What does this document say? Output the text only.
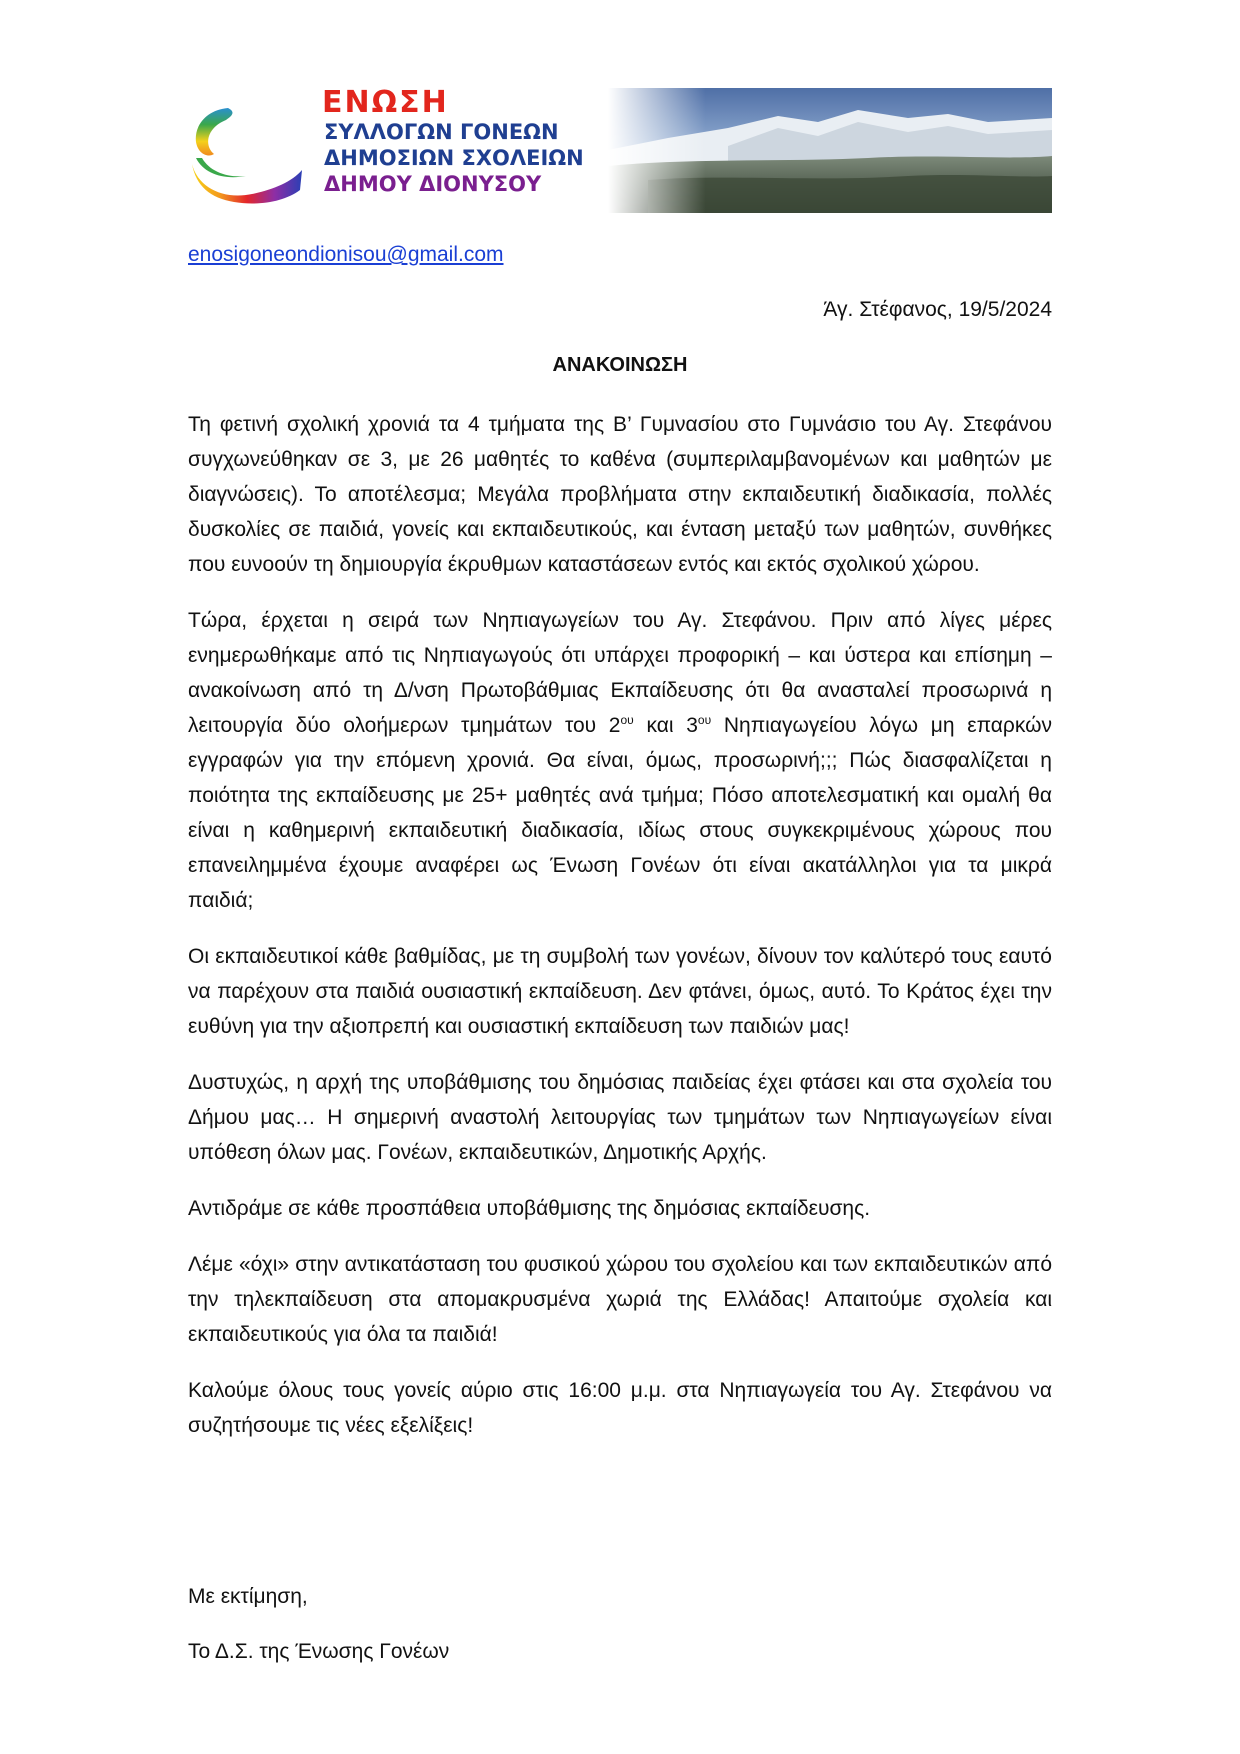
ΕΝΩΣΗ
ΣΥΛΛΟΓΩΝ ΓΟΝΕΩΝ
ΔΗΜΟΣΙΩΝ ΣΧΟΛΕΙΩΝ
ΔΗΜΟΥ ΔΙΟΝΥΣΟΥ
enosigoneondionisou@gmail.com
Άγ. Στέφανος, 19/5/2024
ΑΝΑΚΟΙΝΩΣΗ

Τη φετινή σχολική χρονιά τα 4 τμήματα της Β’ Γυμνασίου στο Γυμνάσιο του Αγ. Στεφάνου συγχωνεύθηκαν σε 3, με 26 μαθητές το καθένα (συμπεριλαμβανομένων και μαθητών με διαγνώσεις). Το αποτέλεσμα; Μεγάλα προβλήματα στην εκπαιδευτική διαδικασία, πολλές δυσκολίες σε παιδιά, γονείς και εκπαιδευτικούς, και ένταση μεταξύ των μαθητών, συνθήκες που ευνοούν τη δημιουργία έκρυθμων καταστάσεων εντός και εκτός σχολικού χώρου.

Τώρα, έρχεται η σειρά των Νηπιαγωγείων του Αγ. Στεφάνου. Πριν από λίγες μέρες ενημερωθήκαμε από τις Νηπιαγωγούς ότι υπάρχει προφορική – και ύστερα και επίσημη – ανακοίνωση από τη Δ/νση Πρωτοβάθμιας Εκπαίδευσης ότι θα ανασταλεί προσωρινά η λειτουργία δύο ολοήμερων τμημάτων του $2^{o\upsilon}$ και $3^{o\upsilon}$ Νηπιαγωγείου λόγω μη επαρκών εγγραφών για την επόμενη χρονιά. Θα είναι, όμως, προσωρινή;;; Πώς διασφαλίζεται η ποιότητα της εκπαίδευσης με 25+ μαθητές ανά τμήμα; Πόσο αποτελεσματική και ομαλή θα είναι η καθημερινή εκπαιδευτική διαδικασία, ιδίως στους συγκεκριμένους χώρους που επανειλημμένα έχουμε αναφέρει ως Ένωση Γονέων ότι είναι ακατάλληλοι για τα μικρά παιδιά;

Οι εκπαιδευτικοί κάθε βαθμίδας, με τη συμβολή των γονέων, δίνουν τον καλύτερό τους εαυτό να παρέχουν στα παιδιά ουσιαστική εκπαίδευση. Δεν φτάνει, όμως, αυτό. Το Κράτος έχει την ευθύνη για την αξιοπρεπή και ουσιαστική εκπαίδευση των παιδιών μας!

Δυστυχώς, η αρχή της υποβάθμισης του δημόσιας παιδείας έχει φτάσει και στα σχολεία του Δήμου μας… Η σημερινή αναστολή λειτουργίας των τμημάτων των Νηπιαγωγείων είναι υπόθεση όλων μας. Γονέων, εκπαιδευτικών, Δημοτικής Αρχής.

Αντιδράμε σε κάθε προσπάθεια υποβάθμισης της δημόσιας εκπαίδευσης.

Λέμε «όχι» στην αντικατάσταση του φυσικού χώρου του σχολείου και των εκπαιδευτικών από την τηλεκπαίδευση στα απομακρυσμένα χωριά της Ελλάδας! Απαιτούμε σχολεία και εκπαιδευτικούς για όλα τα παιδιά!

Καλούμε όλους τους γονείς αύριο στις 16:00 μ.μ. στα Νηπιαγωγεία του Αγ. Στεφάνου να συζητήσουμε τις νέες εξελίξεις!

Με εκτίμηση,
Το Δ.Σ. της Ένωσης Γονέων
